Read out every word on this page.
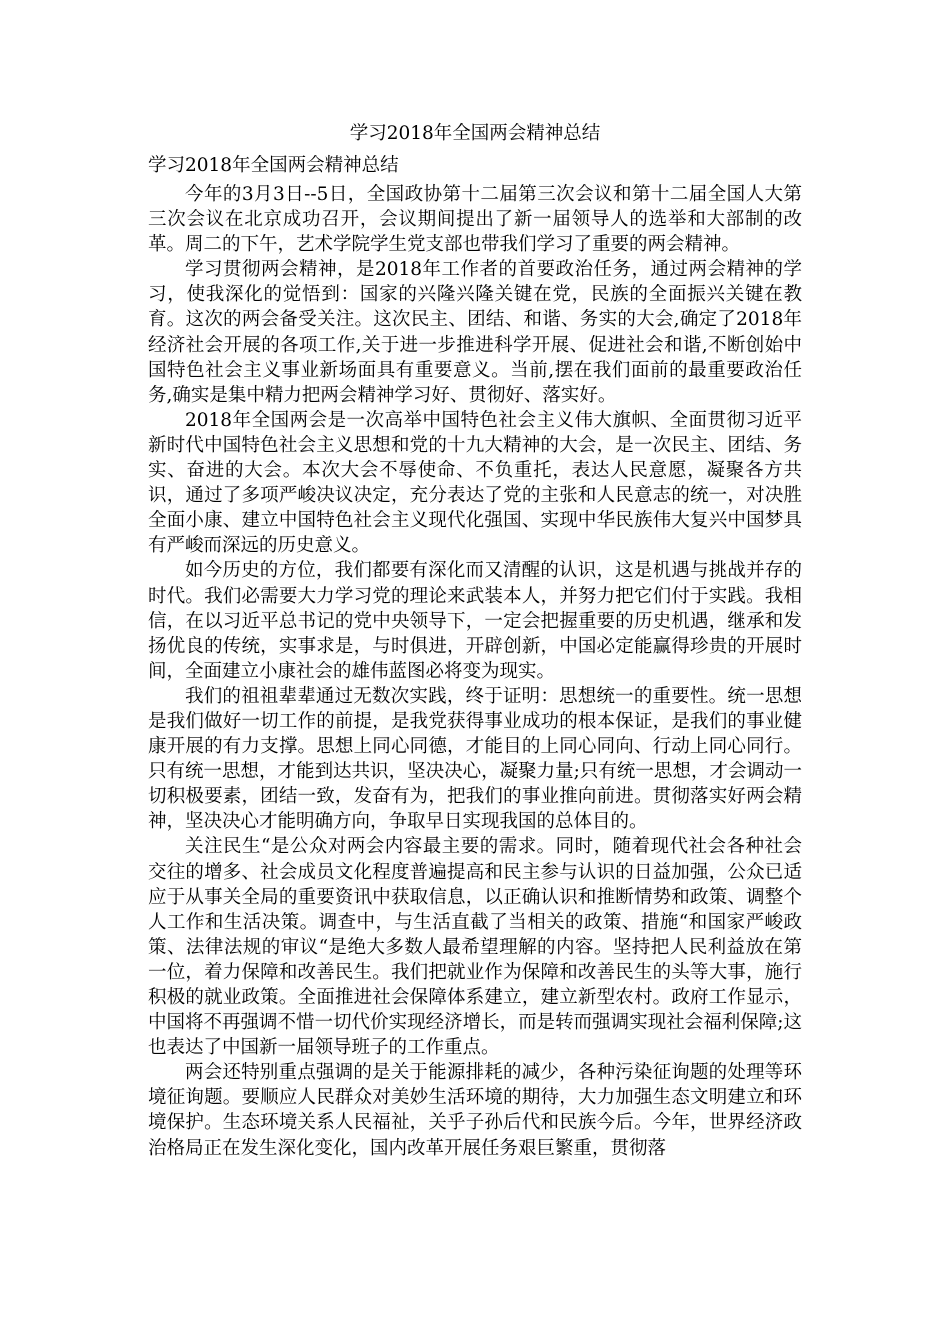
学习2018年全国两会精神总结

学习2018年全国两会精神总结

今年的3月3日--5日，全国政协第十二届第三次会议和第十二届全国人大第三次会议在北京成功召开，会议期间提出了新一届领导人的选举和大部制的改革。周二的下午，艺术学院学生党支部也带我们学习了重要的两会精神。

学习贯彻两会精神，是2018年工作者的首要政治任务，通过两会精神的学习，使我深化的觉悟到：国家的兴隆兴隆关键在党，民族的全面振兴关键在教育。这次的两会备受关注。这次民主、团结、和谐、务实的大会,确定了2018年经济社会开展的各项工作,关于进一步推进科学开展、促进社会和谐,不断创始中国特色社会主义事业新场面具有重要意义。当前,摆在我们面前的最重要政治任务,确实是集中精力把两会精神学习好、贯彻好、落实好。

2018年全国两会是一次高举中国特色社会主义伟大旗帜、全面贯彻习近平新时代中国特色社会主义思想和党的十九大精神的大会，是一次民主、团结、务实、奋进的大会。本次大会不辱使命、不负重托，表达人民意愿，凝聚各方共识，通过了多项严峻决议决定，充分表达了党的主张和人民意志的统一，对决胜全面小康、建立中国特色社会主义现代化强国、实现中华民族伟大复兴中国梦具有严峻而深远的历史意义。

如今历史的方位，我们都要有深化而又清醒的认识，这是机遇与挑战并存的时代。我们必需要大力学习党的理论来武装本人，并努力把它们付于实践。我相信，在以习近平总书记的党中央领导下，一定会把握重要的历史机遇，继承和发扬优良的传统，实事求是，与时俱进，开辟创新，中国必定能赢得珍贵的开展时间，全面建立小康社会的雄伟蓝图必将变为现实。

我们的祖祖辈辈通过无数次实践，终于证明：思想统一的重要性。统一思想是我们做好一切工作的前提，是我党获得事业成功的根本保证，是我们的事业健康开展的有力支撑。思想上同心同德，才能目的上同心同向、行动上同心同行。只有统一思想，才能到达共识，坚决决心，凝聚力量;只有统一思想，才会调动一切积极要素，团结一致，发奋有为，把我们的事业推向前进。贯彻落实好两会精神，坚决决心才能明确方向，争取早日实现我国的总体目的。

关注民生“是公众对两会内容最主要的需求。同时，随着现代社会各种社会交往的增多、社会成员文化程度普遍提高和民主参与认识的日益加强，公众已适应于从事关全局的重要资讯中获取信息，以正确认识和推断情势和政策、调整个人工作和生活决策。调查中，与生活直截了当相关的政策、措施“和国家严峻政策、法律法规的审议“是绝大多数人最希望理解的内容。坚持把人民利益放在第一位，着力保障和改善民生。我们把就业作为保障和改善民生的头等大事，施行积极的就业政策。全面推进社会保障体系建立，建立新型农村。政府工作显示，中国将不再强调不惜一切代价实现经济增长，而是转而强调实现社会福利保障;这也表达了中国新一届领导班子的工作重点。

两会还特别重点强调的是关于能源排耗的减少，各种污染征询题的处理等环境征询题。要顺应人民群众对美妙生活环境的期待，大力加强生态文明建立和环境保护。生态环境关系人民福祉，关乎子孙后代和民族今后。今年，世界经济政治格局正在发生深化变化，国内改革开展任务艰巨繁重，贯彻落
